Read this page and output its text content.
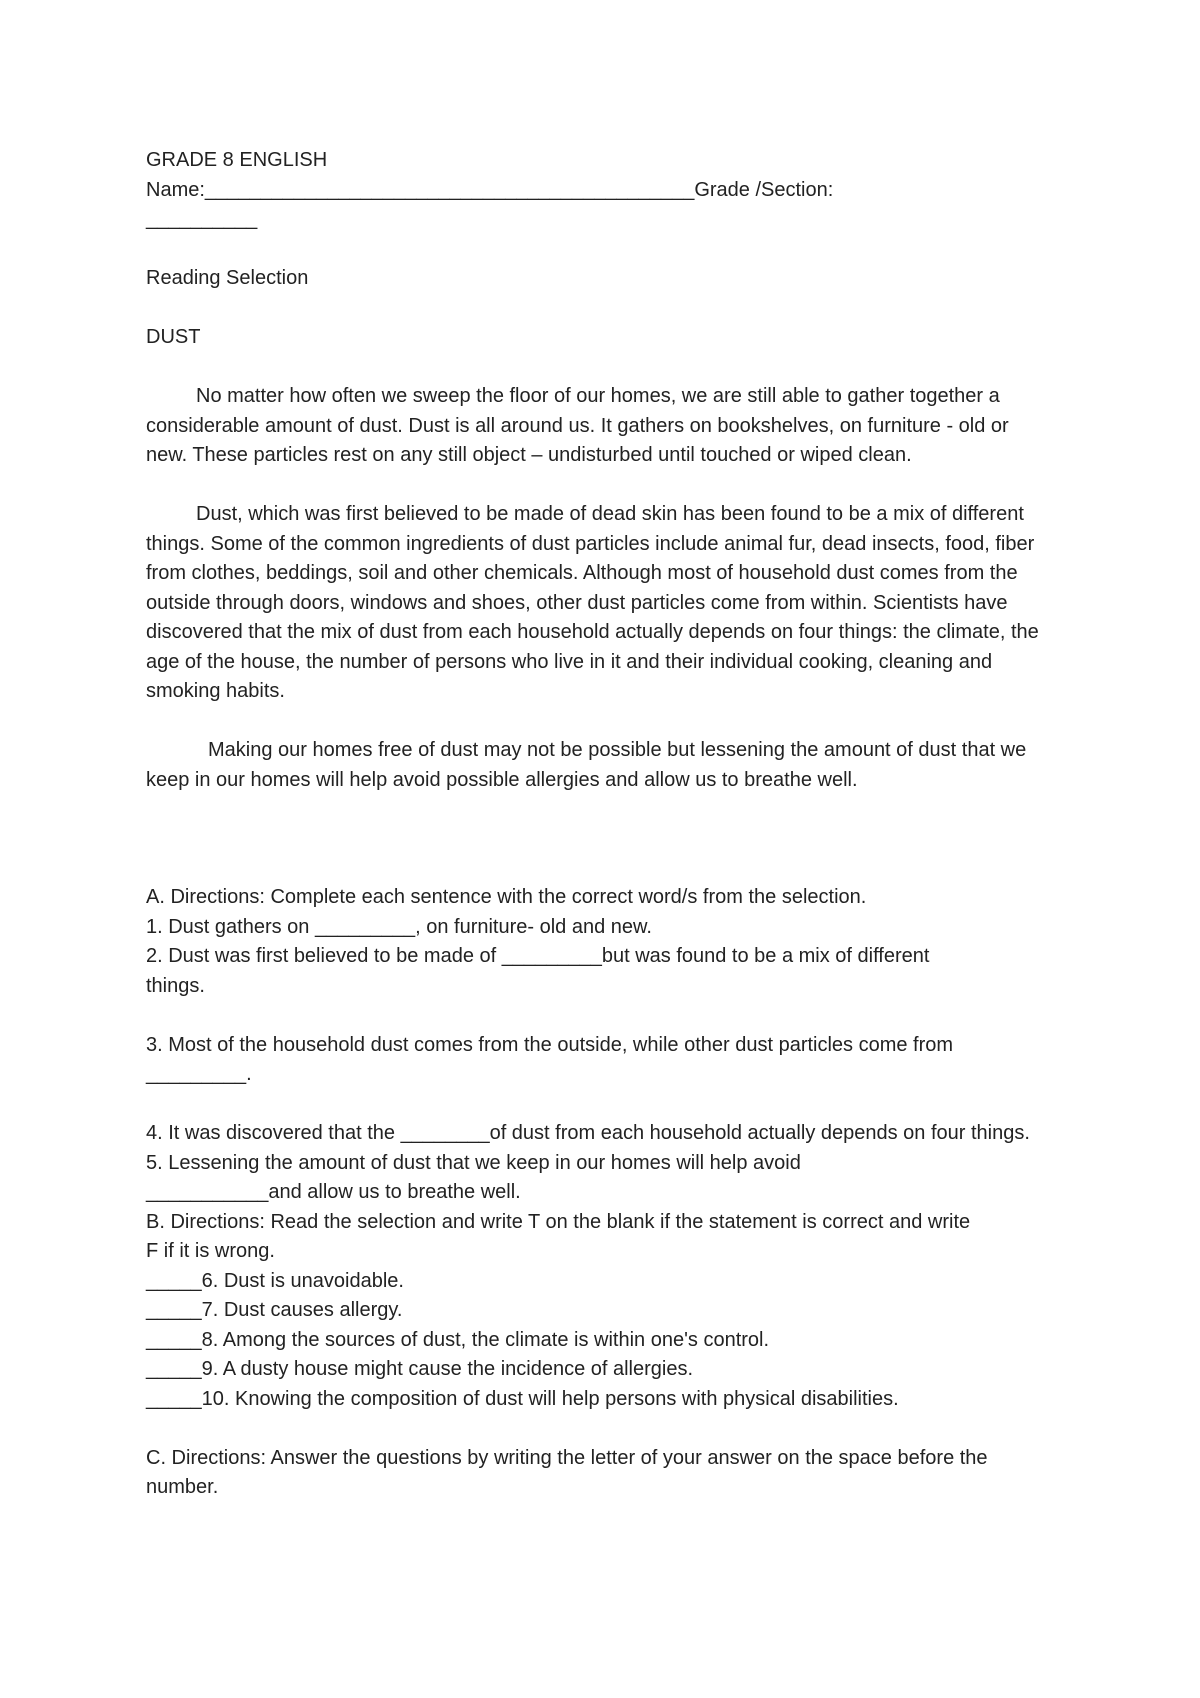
GRADE 8 ENGLISH
Name:____________________________________________Grade /Section:
__________
Reading Selection
DUST
No matter how often we sweep the floor of our homes, we are still able to gather together a considerable amount of dust. Dust is all around us. It gathers on bookshelves, on furniture - old or new. These particles rest on any still object – undisturbed until touched or wiped clean.
Dust, which was first believed to be made of dead skin has been found to be a mix of different things. Some of the common ingredients of dust particles include animal fur, dead insects, food, fiber from clothes, beddings, soil and other chemicals. Although most of household dust comes from the outside through doors, windows and shoes, other dust particles come from within. Scientists have discovered that the mix of dust from each household actually depends on four things: the climate, the age of the house, the number of persons who live in it and their individual cooking, cleaning and smoking habits.
Making our homes free of dust may not be possible but lessening the amount of dust that we keep in our homes will help avoid possible allergies and allow us to breathe well.
A. Directions: Complete each sentence with the correct word/s from the selection.
1. Dust gathers on _________, on furniture- old and new.
2. Dust was first believed to be made of _________but was found to be a mix of different things.
3. Most of the household dust comes from the outside, while other dust particles come from _________.
4. It was discovered that the ________of dust from each household actually depends on four things.
5. Lessening the amount of dust that we keep in our homes will help avoid ___________and allow us to breathe well.
B. Directions: Read the selection and write T on the blank if the statement is correct and write F if it is wrong.
_____6. Dust is unavoidable.
_____7. Dust causes allergy.
_____8. Among the sources of dust, the climate is within one's control.
_____9. A dusty house might cause the incidence of allergies.
_____10. Knowing the composition of dust will help persons with physical disabilities.
C. Directions: Answer the questions by writing the letter of your answer on the space before the number.
